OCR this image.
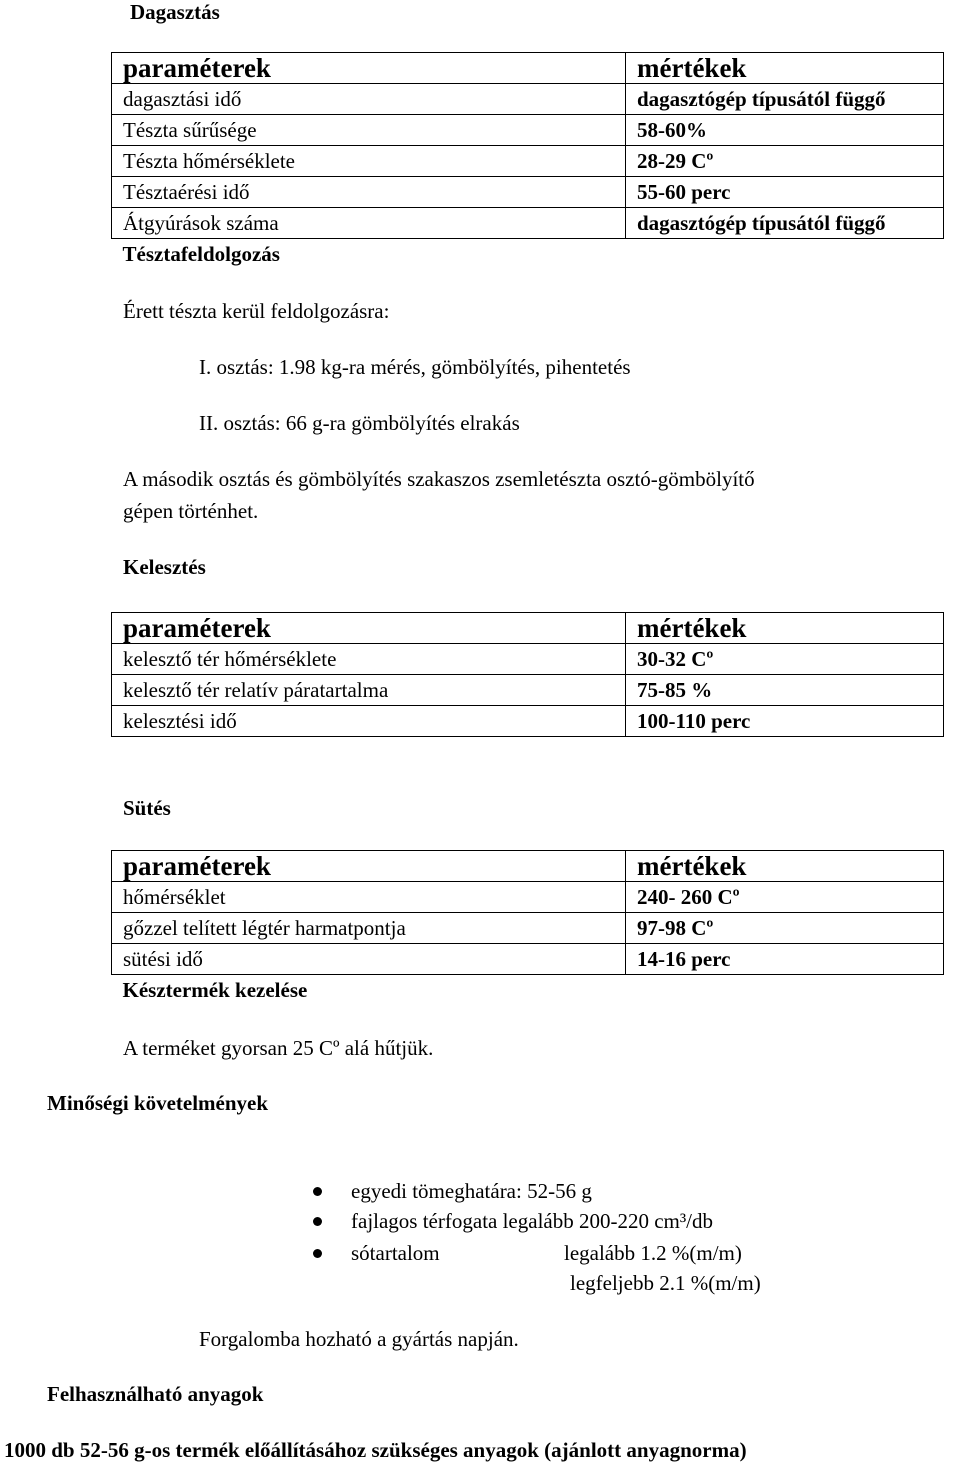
Dagasztás
paraméterek	mértékek
dagasztási idő	dagasztógép típusától függő
Tészta sűrűsége	58-60%
Tészta hőmérséklete	28-29 Cº
Tésztaérési idő	55-60 perc
Átgyúrások száma	dagasztógép típusától függő
Tésztafeldolgozás	
Érett tészta kerül feldolgozásra:
I. osztás: 1.98 kg-ra mérés, gömbölyítés, pihentetés
II. osztás: 66 g-ra gömbölyítés elrakás
A második osztás és gömbölyítés szakaszos zsemletészta osztó-gömbölyítő
gépen történhet.
Kelesztés
paraméterek	mértékek
kelesztő tér hőmérséklete	30-32 Cº
kelesztő tér relatív páratartalma	75-85 %
kelesztési idő	100-110 perc
Sütés
paraméterek	mértékek
hőmérséklet	240- 260 Cº
gőzzel telített légtér harmatpontja	97-98 Cº
sütési idő	14-16 perc
Késztermék kezelése	
A terméket gyorsan 25 Cº alá hűtjük.
Minőségi követelmények
egyedi tömeghatára: 52-56 g
fajlagos térfogata legalább 200-220 cm³/db
sótartalom	legalább 1.2 %(m/m)
legfeljebb 2.1 %(m/m)
Forgalomba hozható a gyártás napján.
Felhasználható anyagok
1000 db 52-56 g-os termék előállításához szükséges anyagok (ajánlott anyagnorma)
